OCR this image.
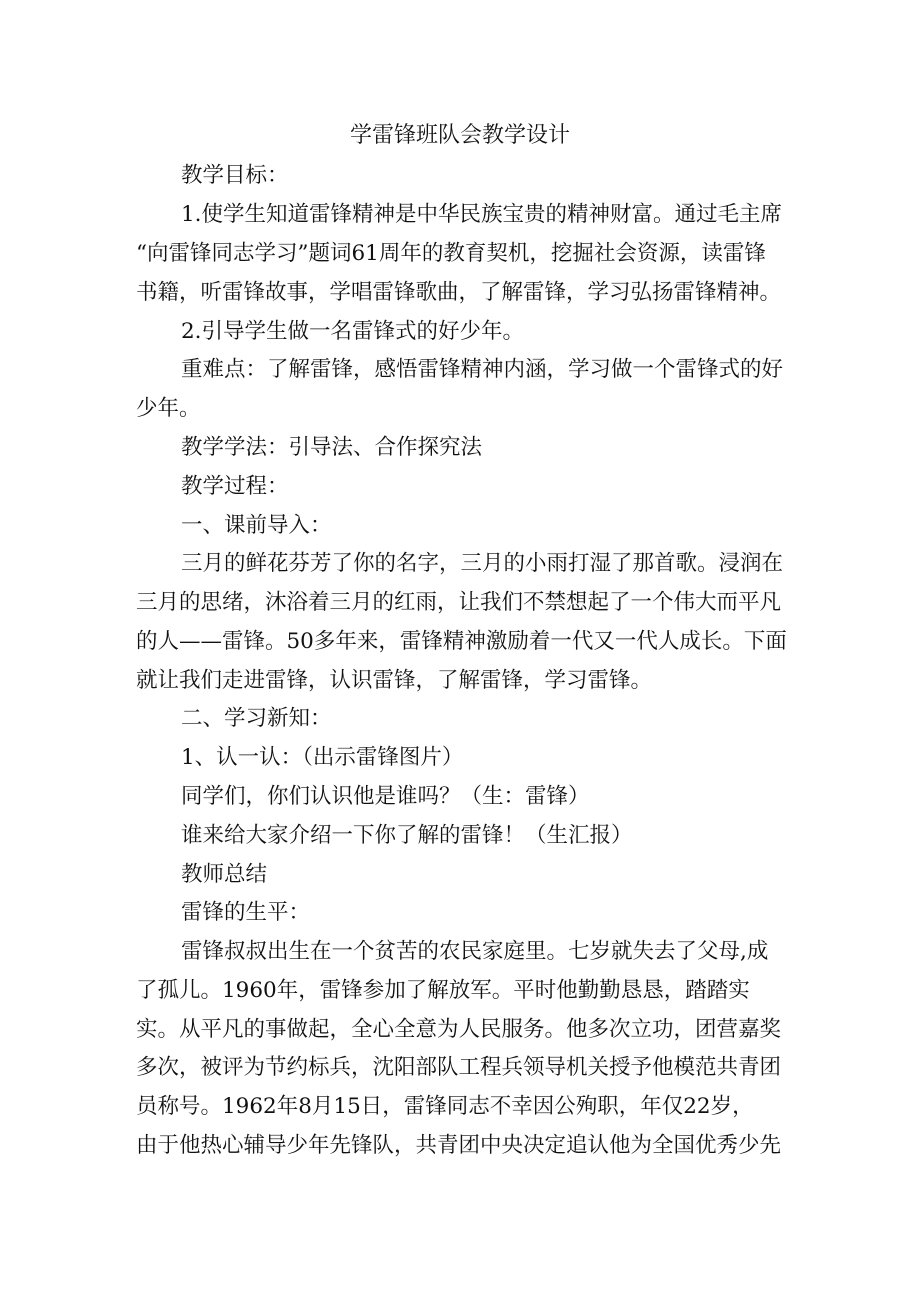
学雷锋班队会教学设计
教学目标：
1.使学生知道雷锋精神是中华民族宝贵的精神财富。通过毛主席
“向雷锋同志学习”题词61周年的教育契机，挖掘社会资源，读雷锋
书籍，听雷锋故事，学唱雷锋歌曲，了解雷锋，学习弘扬雷锋精神。
2.引导学生做一名雷锋式的好少年。
重难点：了解雷锋，感悟雷锋精神内涵，学习做一个雷锋式的好
少年。
教学学法：引导法、合作探究法
教学过程：
一、课前导入：
三月的鲜花芬芳了你的名字，三月的小雨打湿了那首歌。浸润在
三月的思绪，沐浴着三月的红雨，让我们不禁想起了一个伟大而平凡
的人——雷锋。50多年来，雷锋精神激励着一代又一代人成长。下面
就让我们走进雷锋，认识雷锋，了解雷锋，学习雷锋。
二、学习新知：
1、认一认：（出示雷锋图片）
同学们，你们认识他是谁吗？（生：雷锋）
谁来给大家介绍一下你了解的雷锋！（生汇报）
教师总结
雷锋的生平：
雷锋叔叔出生在一个贫苦的农民家庭里。七岁就失去了父母,成
了孤儿。1960年，雷锋参加了解放军。平时他勤勤恳恳，踏踏实
实。从平凡的事做起，全心全意为人民服务。他多次立功，团营嘉奖
多次，被评为节约标兵，沈阳部队工程兵领导机关授予他模范共青团
员称号。1962年8月15日，雷锋同志不幸因公殉职，年仅22岁，
由于他热心辅导少年先锋队，共青团中央决定追认他为全国优秀少先
